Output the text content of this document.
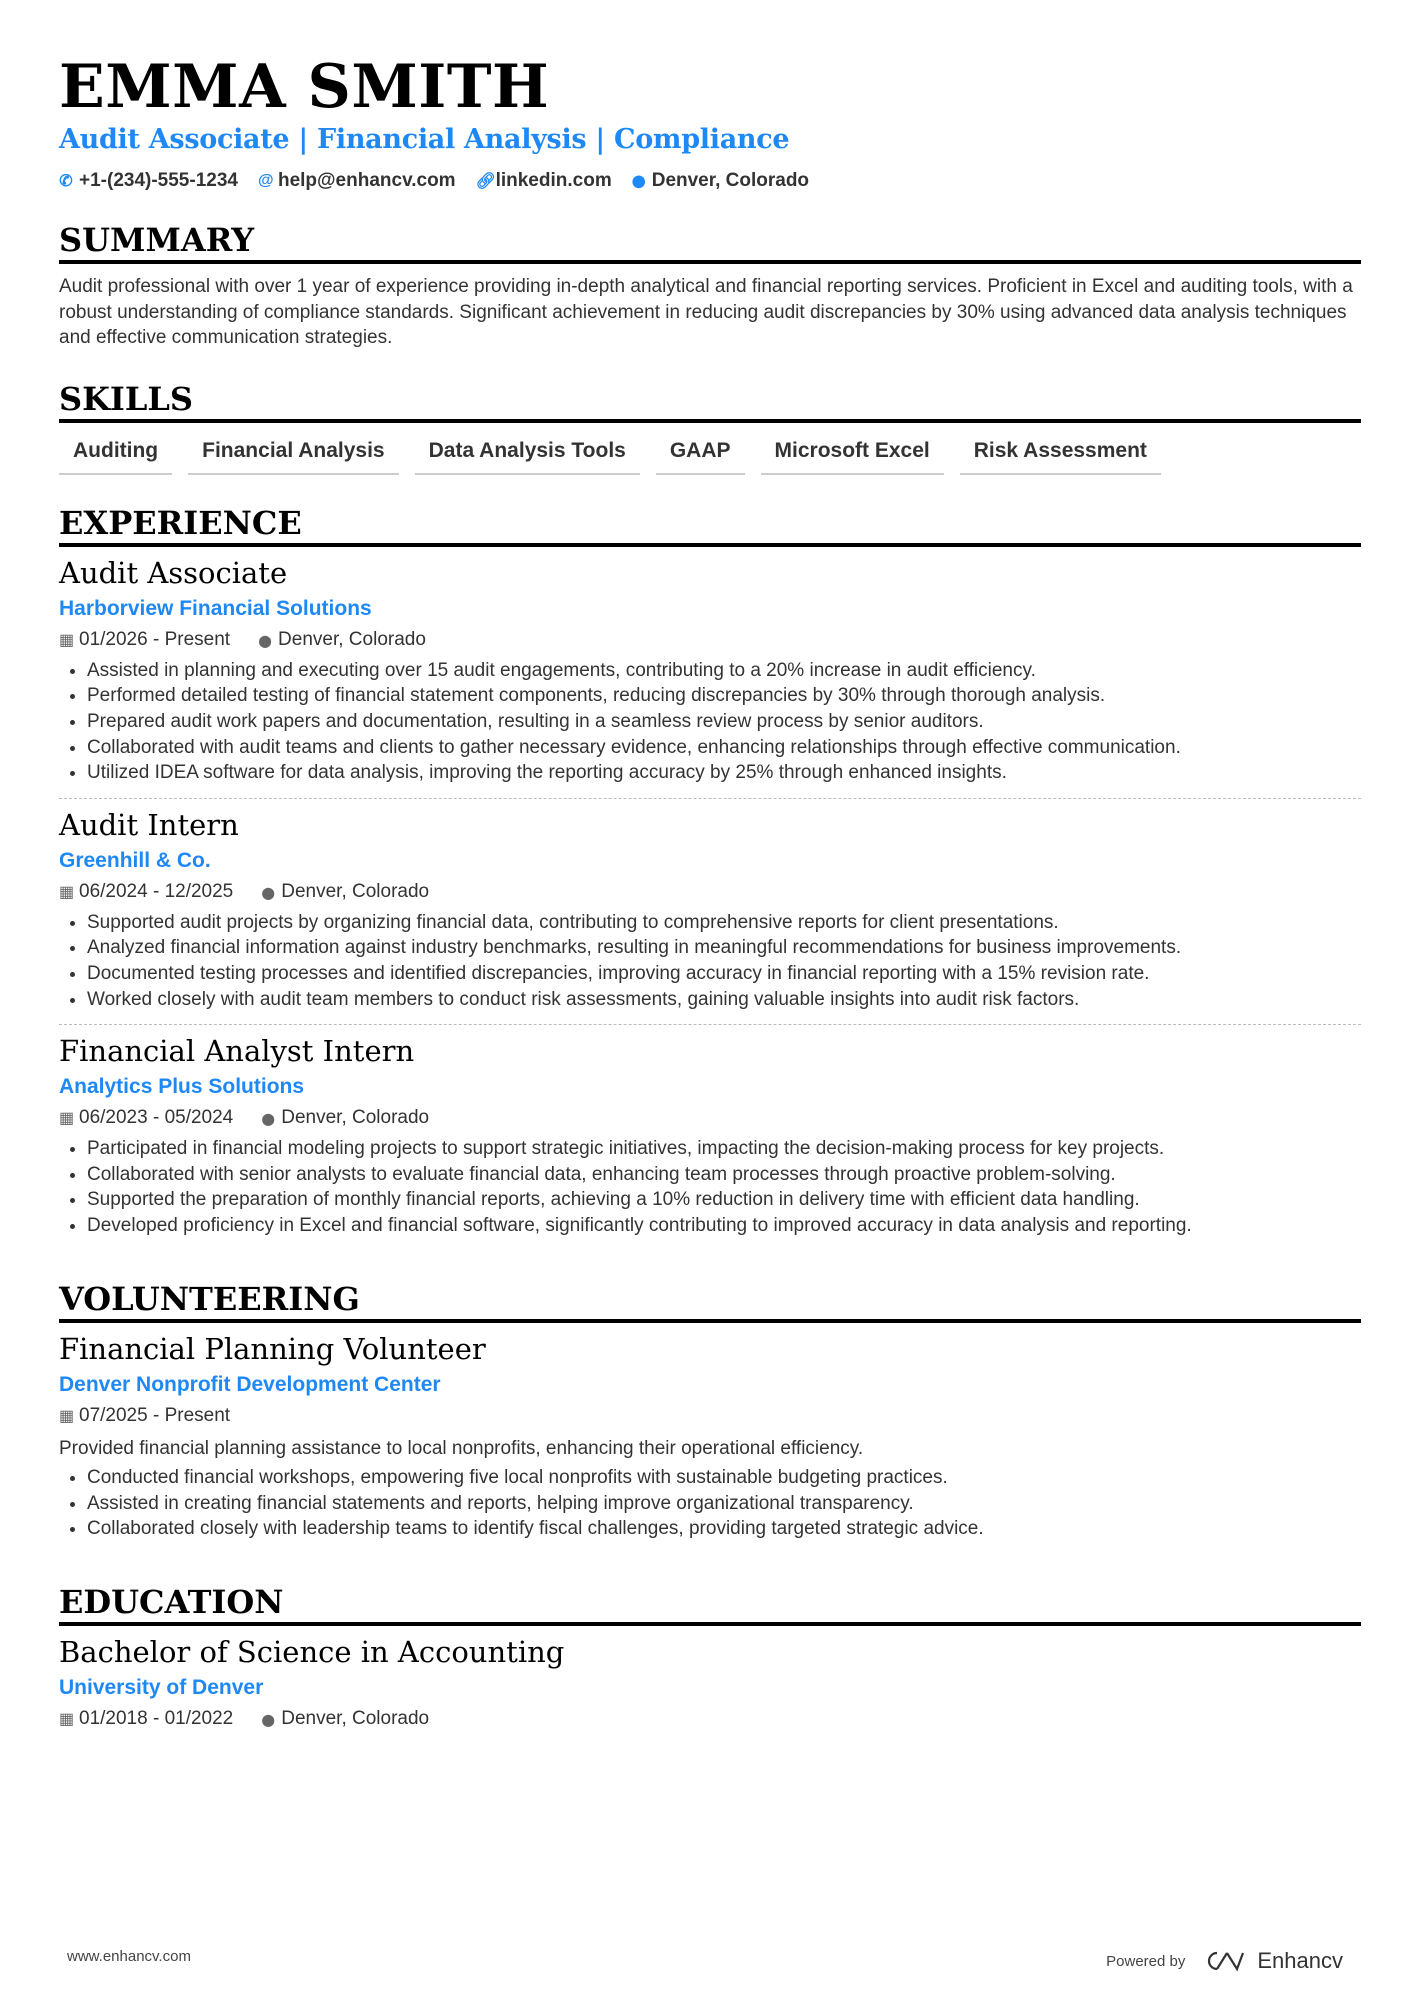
EMMA SMITH
Audit Associate | Financial Analysis | Compliance
✆ +1-(234)-555-1234 @ help@enhancv.com 🔗︎ linkedin.com ⬤ Denver, Colorado
SUMMARY
Audit professional with over 1 year of experience providing in-depth analytical and financial reporting services. Proficient in Excel and auditing tools, with a robust understanding of compliance standards. Significant achievement in reducing audit discrepancies by 30% using advanced data analysis techniques and effective communication strategies.
SKILLS
Auditing	Financial Analysis	Data Analysis Tools	GAAP	Microsoft Excel	Risk Assessment
EXPERIENCE
Audit Associate
Harborview Financial Solutions
▦ 01/2026 - Present ⬤ Denver, Colorado
• Assisted in planning and executing over 15 audit engagements, contributing to a 20% increase in audit efficiency.
• Performed detailed testing of financial statement components, reducing discrepancies by 30% through thorough analysis.
• Prepared audit work papers and documentation, resulting in a seamless review process by senior auditors.
• Collaborated with audit teams and clients to gather necessary evidence, enhancing relationships through effective communication.
• Utilized IDEA software for data analysis, improving the reporting accuracy by 25% through enhanced insights.
Audit Intern
Greenhill & Co.
▦ 06/2024 - 12/2025 ⬤ Denver, Colorado
• Supported audit projects by organizing financial data, contributing to comprehensive reports for client presentations.
• Analyzed financial information against industry benchmarks, resulting in meaningful recommendations for business improvements.
• Documented testing processes and identified discrepancies, improving accuracy in financial reporting with a 15% revision rate.
• Worked closely with audit team members to conduct risk assessments, gaining valuable insights into audit risk factors.
Financial Analyst Intern
Analytics Plus Solutions
▦ 06/2023 - 05/2024 ⬤ Denver, Colorado
• Participated in financial modeling projects to support strategic initiatives, impacting the decision-making process for key projects.
• Collaborated with senior analysts to evaluate financial data, enhancing team processes through proactive problem-solving.
• Supported the preparation of monthly financial reports, achieving a 10% reduction in delivery time with efficient data handling.
• Developed proficiency in Excel and financial software, significantly contributing to improved accuracy in data analysis and reporting.
VOLUNTEERING
Financial Planning Volunteer
Denver Nonprofit Development Center
▦ 07/2025 - Present
Provided financial planning assistance to local nonprofits, enhancing their operational efficiency.
• Conducted financial workshops, empowering five local nonprofits with sustainable budgeting practices.
• Assisted in creating financial statements and reports, helping improve organizational transparency.
• Collaborated closely with leadership teams to identify fiscal challenges, providing targeted strategic advice.
EDUCATION
Bachelor of Science in Accounting
University of Denver
▦ 01/2018 - 01/2022 ⬤ Denver, Colorado
www.enhancv.com	Powered by	Enhancv
